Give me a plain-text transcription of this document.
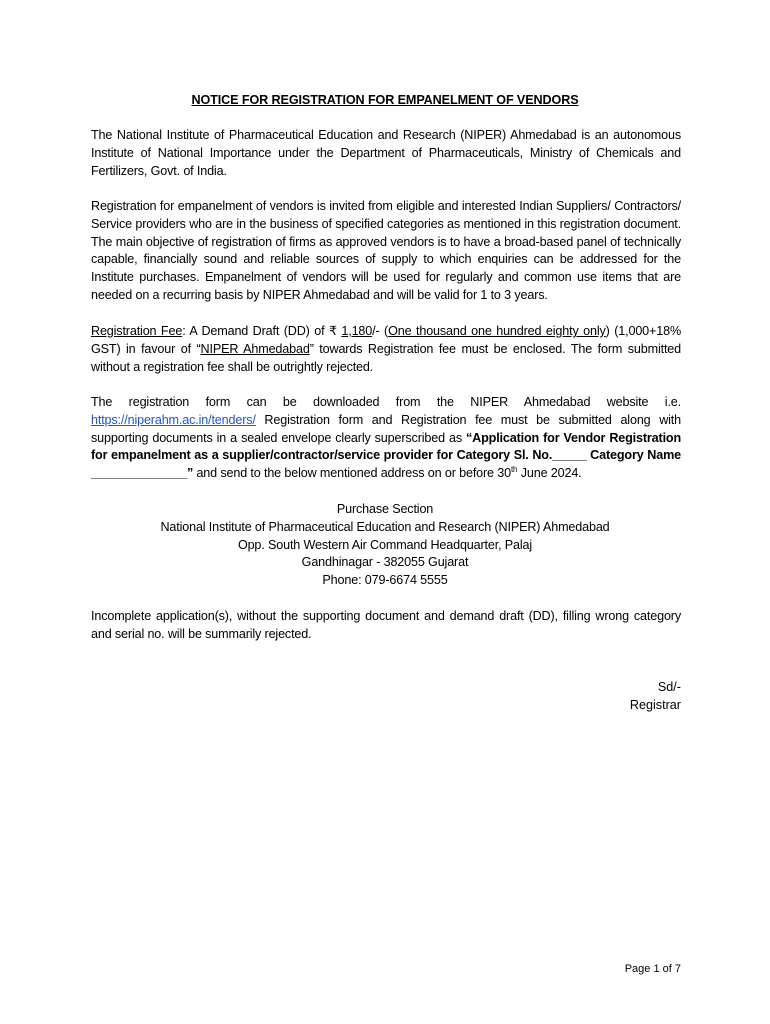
NOTICE FOR REGISTRATION FOR EMPANELMENT OF VENDORS
The National Institute of Pharmaceutical Education and Research (NIPER) Ahmedabad is an autonomous Institute of National Importance under the Department of Pharmaceuticals, Ministry of Chemicals and Fertilizers, Govt. of India.
Registration for empanelment of vendors is invited from eligible and interested Indian Suppliers/ Contractors/ Service providers who are in the business of specified categories as mentioned in this registration document. The main objective of registration of firms as approved vendors is to have a broad-based panel of technically capable, financially sound and reliable sources of supply to which enquiries can be addressed for the Institute purchases. Empanelment of vendors will be used for regularly and common use items that are needed on a recurring basis by NIPER Ahmedabad and will be valid for 1 to 3 years.
Registration Fee: A Demand Draft (DD) of ₹ 1,180/- (One thousand one hundred eighty only) (1,000+18% GST) in favour of “NIPER Ahmedabad” towards Registration fee must be enclosed. The form submitted without a registration fee shall be outrightly rejected.
The registration form can be downloaded from the NIPER Ahmedabad website i.e. https://niperahm.ac.in/tenders/ Registration form and Registration fee must be submitted along with supporting documents in a sealed envelope clearly superscribed as “Application for Vendor Registration for empanelment as a supplier/contractor/service provider for Category Sl. No._____ Category Name ______________” and send to the below mentioned address on or before 30th June 2024.
Purchase Section
National Institute of Pharmaceutical Education and Research (NIPER) Ahmedabad
Opp. South Western Air Command Headquarter, Palaj
Gandhinagar - 382055 Gujarat
Phone: 079-6674 5555
Incomplete application(s), without the supporting document and demand draft (DD), filling wrong category and serial no. will be summarily rejected.
Sd/-
Registrar
Page 1 of 7
